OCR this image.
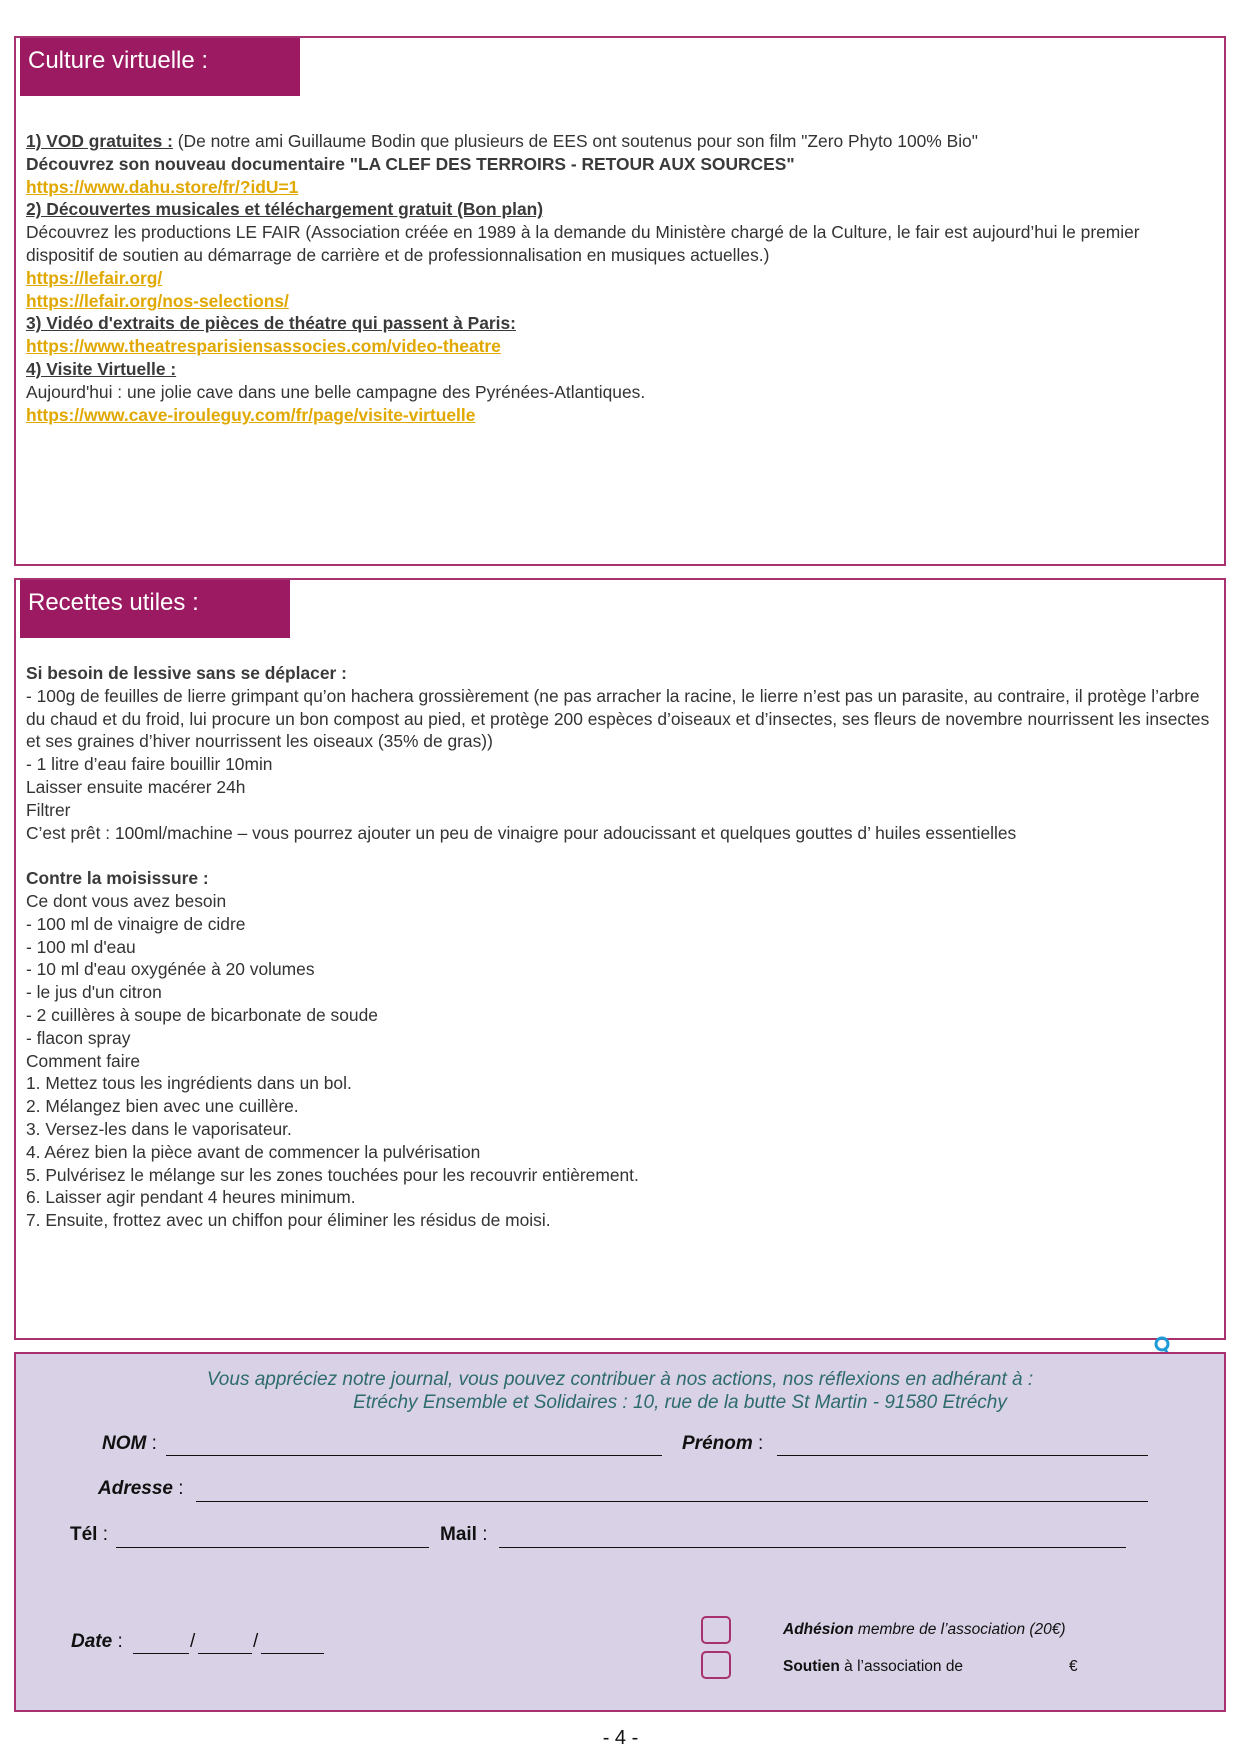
Culture virtuelle :

1) VOD gratuites : (De notre ami Guillaume Bodin que plusieurs de EES ont soutenus pour son film "Zero Phyto 100% Bio"

Découvrez son nouveau documentaire "LA CLEF DES TERROIRS - RETOUR AUX SOURCES"

https://www.dahu.store/fr/?idU=1

2) Découvertes musicales et téléchargement gratuit (Bon plan)

Découvrez les productions LE FAIR (Association créée en 1989 à la demande du Ministère chargé de la Culture, le fair est aujourd’hui le premier dispositif de soutien au démarrage de carrière et de professionnalisation en musiques actuelles.)

https://lefair.org/

https://lefair.org/nos-selections/

3) Vidéo d'extraits de pièces de théatre qui passent à Paris:

https://www.theatresparisiensassocies.com/video-theatre

4) Visite Virtuelle :

Aujourd'hui : une jolie cave dans une belle campagne des Pyrénées-Atlantiques.

https://www.cave-irouleguy.com/fr/page/visite-virtuelle

Recettes utiles :

Si besoin de lessive sans se déplacer :

- 100g de feuilles de lierre grimpant qu’on hachera grossièrement (ne pas arracher la racine, le lierre n’est pas un parasite, au contraire, il protège l’arbre du chaud et du froid, lui procure un bon compost au pied, et protège 200 espèces d’oiseaux et d’insectes, ses fleurs de novembre nourrissent les insectes et ses graines d’hiver nourrissent les oiseaux (35% de gras))

- 1 litre d’eau faire bouillir 10min

Laisser ensuite macérer 24h

Filtrer

C’est prêt : 100ml/machine – vous pourrez ajouter un peu de vinaigre pour adoucissant et quelques gouttes d’ huiles essentielles

Contre la moisissure :

Ce dont vous avez besoin

- 100 ml de vinaigre de cidre

- 100 ml d'eau

- 10 ml d'eau oxygénée à 20 volumes

- le jus d'un citron

- 2 cuillères à soupe de bicarbonate de soude

- flacon spray

Comment faire

1. Mettez tous les ingrédients dans un bol.

2. Mélangez bien avec une cuillère.

3. Versez-les dans le vaporisateur.

4. Aérez bien la pièce avant de commencer la pulvérisation

5. Pulvérisez le mélange sur les zones touchées pour les recouvrir entièrement.

6. Laisser agir pendant 4 heures minimum.

7. Ensuite, frottez avec un chiffon pour éliminer les résidus de moisi.

Vous appréciez notre journal, vous pouvez contribuer à nos actions, nos réflexions en adhérant à :
Etréchy Ensemble et Solidaires : 10, rue de la butte St Martin - 91580 Etréchy
NOM :	Prénom :
Adresse :
Tél :	Mail :
Date :	/	/
Adhésion membre de l’association (20€)
Soutien à l’association de	€
- 4 -
